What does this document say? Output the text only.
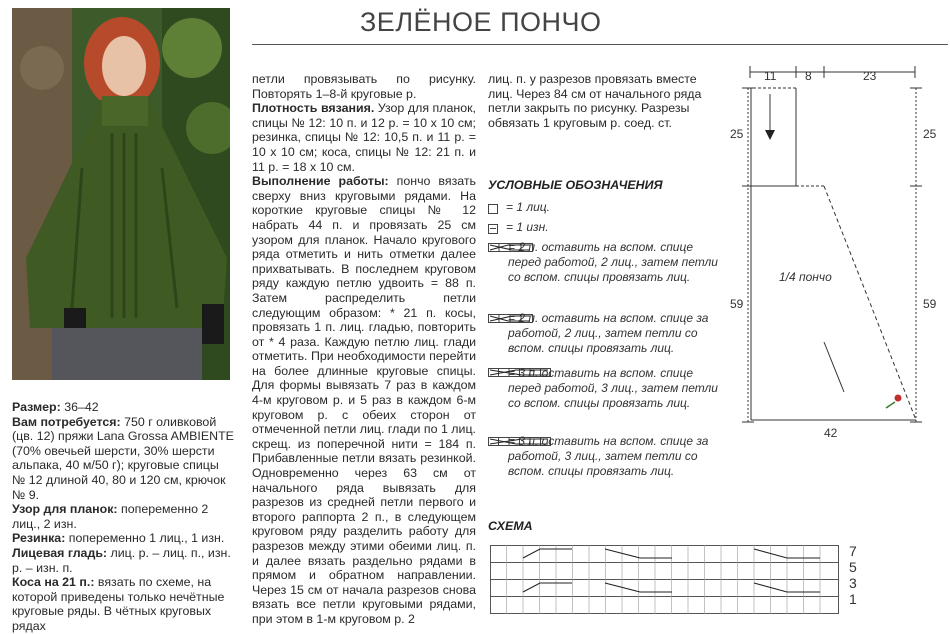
ЗЕЛЁНОЕ ПОНЧО

Размер: 36–42

Вам потребуется: 750 г оливковой (цв. 12) пряжи Lana Grossa AMBIENTE (70% овечьей шерсти, 30% шерсти альпака, 40 м/50 г); круговые спицы № 12 длиной 40, 80 и 120 см, крючок № 9.

Узор для планок: попеременно 2 лиц., 2 изн.

Резинка: попеременно 1 лиц., 1 изн.

Лицевая гладь: лиц. р. – лиц. п., изн. р. – изн. п.

Коса на 21 п.: вязать по схеме, на которой приведены только нечётные круговые ряды. В чётных круговых рядах

петли провязывать по рисунку. Повторять 1–8-й круговые р.

Плотность вязания. Узор для планок, спицы № 12: 10 п. и 12 р. = 10 х 10 см; резинка, спицы № 12: 10,5 п. и 11 р. = 10 х 10 см; коса, спицы № 12: 21 п. и 11 р. = 18 х 10 см.

Выполнение работы: пончо вязать сверху вниз круговыми рядами. На короткие круговые спицы № 12 набрать 44 п. и провязать 25 см узором для планок. Начало кругового ряда отметить и нить отметки далее прихватывать. В последнем круговом ряду каждую петлю удвоить = 88 п. Затем распределить петли следующим образом: * 21 п. косы, провязать 1 п. лиц. гладью, повторить от * 4 раза. Каждую петлю лиц. глади отметить. При необходимости перейти на более длинные круговые спицы. Для формы вывязать 7 раз в каждом 4-м круговом р. и 5 раз в каждом 6-м круговом р. с обеих сторон от отмеченной петли лиц. глади по 1 лиц. скрещ. из поперечной нити = 184 п. Прибавленные петли вязать резинкой. Одновременно через 63 см от начального ряда вывязать для разрезов из средней петли первого и второго раппорта 2 п., в следующем круговом ряду разделить работу для разрезов между этими обеими лиц. п. и далее вязать раздельно рядами в прямом и обратном направлении. Через 15 см от начала разрезов снова вязать все петли круговыми рядами, при этом в 1-м круговом р. 2

лиц. п. у разрезов провязать вместе лиц. Через 84 см от начального ряда петли закрыть по рисунку. Разрезы обвязать 1 круговым р. соед. ст.

УСЛОВНЫЕ ОБОЗНАЧЕНИЯ
= 1 лиц.
= 1 изн.
= 2 п. оставить на вспом. спице перед работой, 2 лиц., затем петли со вспом. спицы провязать лиц.
= 2 п. оставить на вспом. спице за работой, 2 лиц., затем петли со вспом. спицы провязать лиц.
= 3 п. оставить на вспом. спице перед работой, 3 лиц., затем петли со вспом. спицы провязать лиц.
= 3 п. оставить на вспом. спице за работой, 3 лиц., затем петли со вспом. спицы провязать лиц.
СХЕМА
7
5
3
1
11 8	23
25	25
59	59
42
1/4 пончо
